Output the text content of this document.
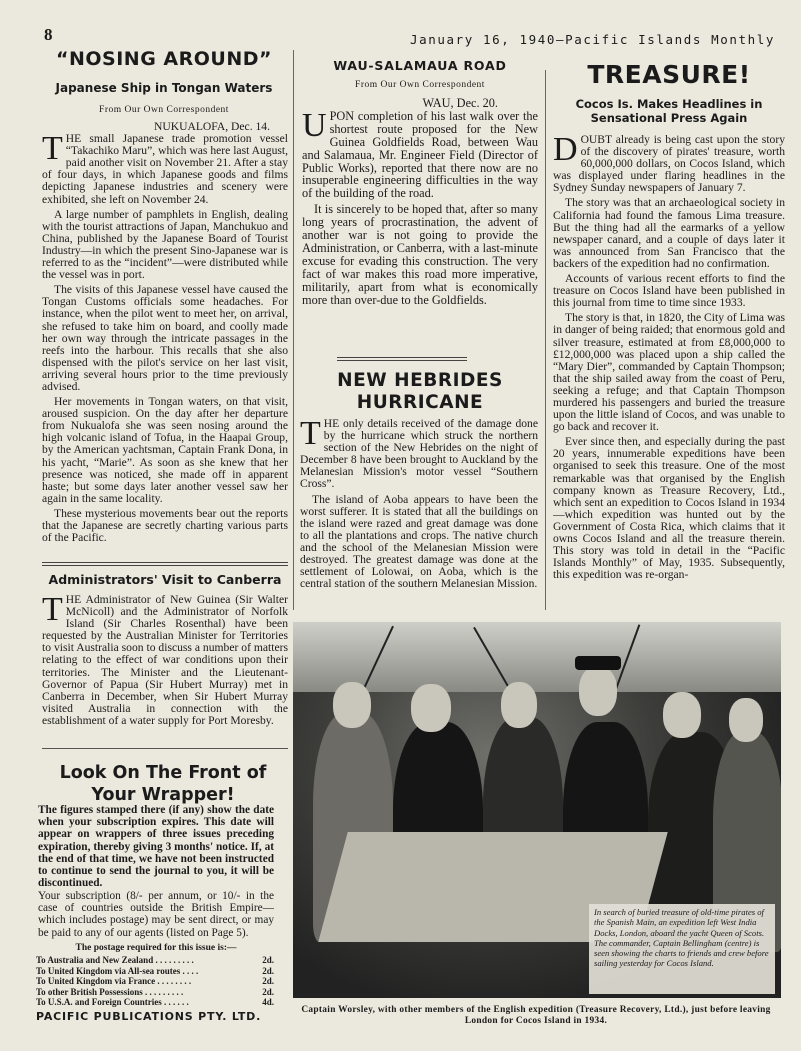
8	January 16, 1940—Pacific Islands Monthly
“NOSING AROUND”
Japanese Ship in Tongan Waters
From Our Own Correspondent
NUKUALOFA, Dec. 14.

THE small Japanese trade promotion vessel “Takachiko Maru”, which was here last August, paid another visit on November 21. After a stay of four days, in which Japanese goods and films depicting Japanese industries and scenery were exhibited, she left on November 24.

A large number of pamphlets in English, dealing with the tourist attractions of Japan, Manchukuo and China, published by the Japanese Board of Tourist Industry—in which the present Sino-Japanese war is referred to as the “incident”—were distributed while the vessel was in port.

The visits of this Japanese vessel have caused the Tongan Customs officials some headaches. For instance, when the pilot went to meet her, on arrival, she refused to take him on board, and coolly made her own way through the intricate passages in the reefs into the harbour. This recalls that she also dispensed with the pilot's service on her last visit, arriving several hours prior to the time previously advised.

Her movements in Tongan waters, on that visit, aroused suspicion. On the day after her departure from Nukualofa she was seen nosing around the high volcanic island of Tofua, in the Haapai Group, by the American yachtsman, Captain Frank Dona, in his yacht, “Marie”. As soon as she knew that her presence was noticed, she made off in apparent haste; but some days later another vessel saw her again in the same locality.

These mysterious movements bear out the reports that the Japanese are secretly charting various parts of the Pacific.

Administrators' Visit to Canberra

THE Administrator of New Guinea (Sir Walter McNicoll) and the Administrator of Norfolk Island (Sir Charles Rosenthal) have been requested by the Australian Minister for Territories to visit Australia soon to discuss a number of matters relating to the effect of war conditions upon their territories. The Minister and the Lieutenant-Governor of Papua (Sir Hubert Murray) met in Canberra in December, when Sir Hubert Murray visited Australia in connection with the establishment of a water supply for Port Moresby.

Look On The Front of Your Wrapper!
The figures stamped there (if any) show the date when your subscription expires. This date will appear on wrappers of three issues preceding expiration, thereby giving 3 months' notice. If, at the end of that time, we have not been instructed to continue to send the journal to you, it will be discontinued.
Your subscription (8/- per annum, or 10/- in the case of countries outside the British Empire—which includes postage) may be sent direct, or may be paid to any of our agents (listed on Page 5).
The postage required for this issue is:—
To Australia and New Zealand . . . . . . . . .	2d.
To United Kingdom via All-sea routes . . . .	2d.
To United Kingdom via France . . . . . . . .	2d.
To other British Possessions . . . . . . . . .	2d.
To U.S.A. and Foreign Countries . . . . . .	4d.
PACIFIC PUBLICATIONS PTY. LTD.
WAU-SALAMAUA ROAD
From Our Own Correspondent
WAU, Dec. 20.

UPON completion of his last walk over the shortest route proposed for the New Guinea Goldfields Road, between Wau and Salamaua, Mr. Engineer Field (Director of Public Works), reported that there now are no insuperable engineering difficulties in the way of the building of the road.

It is sincerely to be hoped that, after so many long years of procrastination, the advent of another war is not going to provide the Administration, or Canberra, with a last-minute excuse for evading this construction. The very fact of war makes this road more imperative, militarily, apart from what is economically more than over-due to the Goldfields.

NEW HEBRIDES HURRICANE

THE only details received of the damage done by the hurricane which struck the northern section of the New Hebrides on the night of December 8 have been brought to Auckland by the Melanesian Mission's motor vessel “Southern Cross”.

The island of Aoba appears to have been the worst sufferer. It is stated that all the buildings on the island were razed and great damage was done to all the plantations and crops. The native church and the school of the Melanesian Mission were destroyed. The greatest damage was done at the settlement of Lolowai, on Aoba, which is the central station of the southern Melanesian Mission.

TREASURE!
Cocos Is. Makes Headlines in Sensational Press Again

DOUBT already is being cast upon the story of the discovery of pirates' treasure, worth 60,000,000 dollars, on Cocos Island, which was displayed under flaring headlines in the Sydney Sunday newspapers of January 7.

The story was that an archaeological society in California had found the famous Lima treasure. But the thing had all the earmarks of a yellow newspaper canard, and a couple of days later it was announced from San Francisco that the backers of the expedition had no confirmation.

Accounts of various recent efforts to find the treasure on Cocos Island have been published in this journal from time to time since 1933.

The story is that, in 1820, the City of Lima was in danger of being raided; that enormous gold and silver treasure, estimated at from £8,000,000 to £12,000,000 was placed upon a ship called the “Mary Dier”, commanded by Captain Thompson; that the ship sailed away from the coast of Peru, seeking a refuge; and that Captain Thompson murdered his passengers and buried the treasure upon the little island of Cocos, and was unable to go back and recover it.

Ever since then, and especially during the past 20 years, innumerable expeditions have been organised to seek this treasure. One of the most remarkable was that organised by the English company known as Treasure Recovery, Ltd., which sent an expedition to Cocos Island in 1934—which expedition was hunted out by the Government of Costa Rica, which claims that it owns Cocos Island and all the treasure therein. This story was told in detail in the “Pacific Islands Monthly” of May, 1935. Subsequently, this expedition was re-organ-

In search of buried treasure of old-time pirates of the Spanish Main, an expedition left West India Docks, London, aboard the yacht Queen of Scots. The commander, Captain Bellingham (centre) is seen showing the charts to friends and crew before sailing yesterday for Cocos Island.
Captain Worsley, with other members of the English expedition (Treasure Recovery, Ltd.), just before leaving London for Cocos Island in 1934.
